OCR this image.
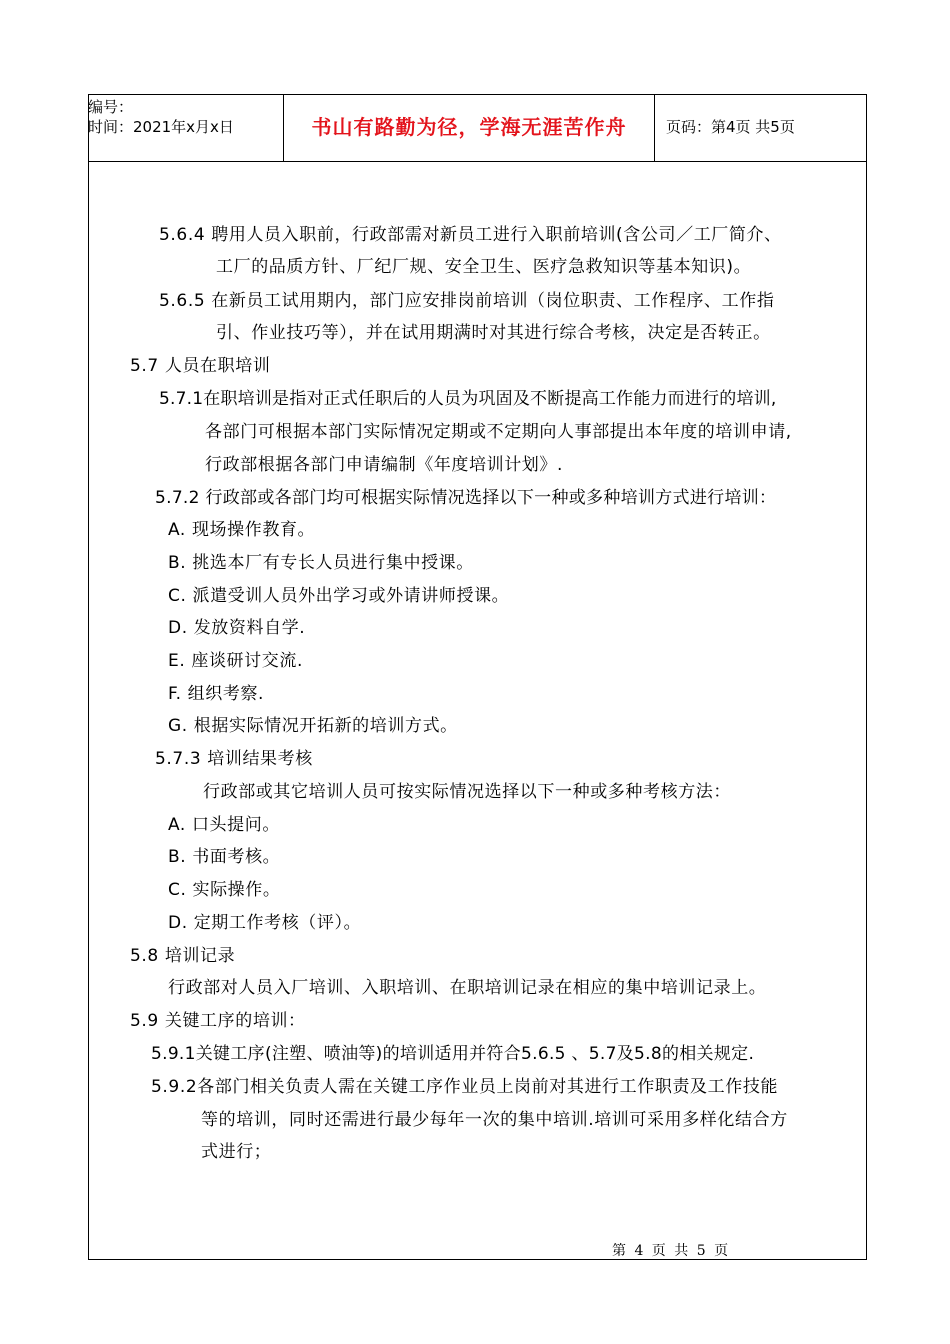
编号：
时间：2021年x月x日	书山有路勤为径，学海无涯苦作舟	页码：第4页 共5页
5.6.4 聘用人员入职前，行政部需对新员工进行入职前培训(含公司／工厂简介、
工厂的品质方针、厂纪厂规、安全卫生、医疗急救知识等基本知识)。
5.6.5 在新员工试用期内，部门应安排岗前培训（岗位职责、工作程序、工作指
引、作业技巧等），并在试用期满时对其进行综合考核，决定是否转正。
5.7 人员在职培训
5.7.1在职培训是指对正式任职后的人员为巩固及不断提高工作能力而进行的培训,
各部门可根据本部门实际情况定期或不定期向人事部提出本年度的培训申请,
行政部根据各部门申请编制《年度培训计划》.
5.7.2 行政部或各部门均可根据实际情况选择以下一种或多种培训方式进行培训：
A. 现场操作教育。
B. 挑选本厂有专长人员进行集中授课。
C. 派遣受训人员外出学习或外请讲师授课。
D. 发放资料自学.
E. 座谈研讨交流.
F. 组织考察.
G. 根据实际情况开拓新的培训方式。
5.7.3 培训结果考核
行政部或其它培训人员可按实际情况选择以下一种或多种考核方法：
A. 口头提问。
B. 书面考核。
C. 实际操作。
D. 定期工作考核（评）。
5.8 培训记录
行政部对人员入厂培训、入职培训、在职培训记录在相应的集中培训记录上。
5.9 关键工序的培训：
5.9.1关键工序(注塑、喷油等)的培训适用并符合5.6.5 、5.7及5.8的相关规定.
5.9.2各部门相关负责人需在关键工序作业员上岗前对其进行工作职责及工作技能
等的培训，同时还需进行最少每年一次的集中培训.培训可采用多样化结合方
式进行；
第 4 页 共 5 页
